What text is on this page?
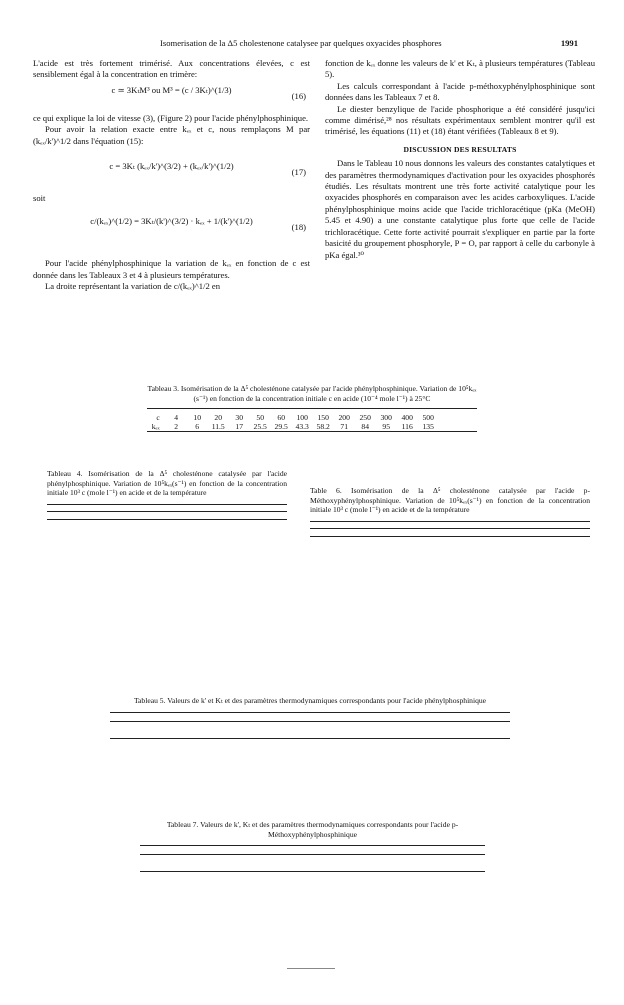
Isomerisation de la Δ5 cholestenone catalysee par quelques oxyacides phosphores	1991

L'acide est très fortement trimérisé. Aux concentrations élevées, c est sensiblement égal à la concentration en trimère:

c ≃ 3KₜM³ ou M³ = (c / 3Kₜ)^(1/3)
(16)

ce qui explique la loi de vitesse (3), (Figure 2) pour l'acide phénylphosphinique.

Pour avoir la relation exacte entre kₑₓ et c, nous remplaçons M par (kₑₓ/k')^1/2 dans l'équation (15):

c = 3Kₜ (kₑₓ/k')^(3/2) + (kₑₓ/k')^(1/2)
(17)

soit

c/(kₑₓ)^(1/2) = 3Kₜ/(k')^(3/2) · kₑₓ + 1/(k')^(1/2)
(18)

Pour l'acide phénylphosphinique la variation de kₑₓ en fonction de c est donnée dans les Tableaux 3 et 4 à plusieurs températures.

La droite représentant la variation de c/(kₑₓ)^1/2 en

fonction de kₑₓ donne les valeurs de k' et Kₜ, à plusieurs températures (Tableau 5).

Les calculs correspondant à l'acide p-méthoxyphénylphosphinique sont données dans les Tableaux 7 et 8.

Le diester benzylique de l'acide phosphorique a été considéré jusqu'ici comme dimérisé,²⁸ nos résultats expérimentaux semblent montrer qu'il est trimérisé, les équations (11) et (18) étant vérifiées (Tableaux 8 et 9).

DISCUSSION DES RESULTATS

Dans le Tableau 10 nous donnons les valeurs des constantes catalytiques et des paramètres thermodynamiques d'activation pour les oxyacides phosphorés étudiés. Les résultats montrent une très forte activité catalytique pour les oxyacides phosphorés en comparaison avec les acides carboxyliques. L'acide phénylphosphinique moins acide que l'acide trichloracétique (pKa (MeOH) 5.45 et 4.90) a une constante catalytique plus forte que celle de l'acide trichloracétique. Cette forte activité pourrait s'expliquer en partie par la forte basicité du groupement phosphoryle, P = O, par rapport à celle du carbonyle à pKa égal.³⁰

Tableau 3. Isomérisation de la Δ⁵ cholesténone catalysée par l'acide phénylphosphinique. Variation de 10⁵kₑₓ (s⁻¹) en fonction de la concentration initiale c en acide (10⁻⁴ mole l⁻¹) à 25°C
c	4 10 20 30 50 60 100 150 200 250 300 400 500
kₑₓ	2 6 11.5 17 25.5 29.5 43.3 58.2 71 84 95 116 135

Tableau 4. Isomérisation de la Δ⁵ cholesténone catalysée par l'acide phénylphosphinique. Variation de 10⁵kₑₓ(s⁻¹) en fonction de la concentration initiale 10³ c (mole l⁻¹) en acide et de la température

					Table 6. Isomérisation de la Δ⁵ cholesténone catalysée par l'acide p-Méthoxyphénylphosphinique. Variation de 10⁵kₑₓ(s⁻¹) en fonction de la concentration initiale 10³ c (mole l⁻¹) en acide et de la température

Tableau 5. Valeurs de k' et Kₜ et des paramètres thermodynamiques correspondants pour l'acide phénylphosphinique

Tableau 7. Valeurs de k', Kₜ et des paramètres thermodynamiques correspondants pour l'acide p-Méthoxyphénylphosphinique
